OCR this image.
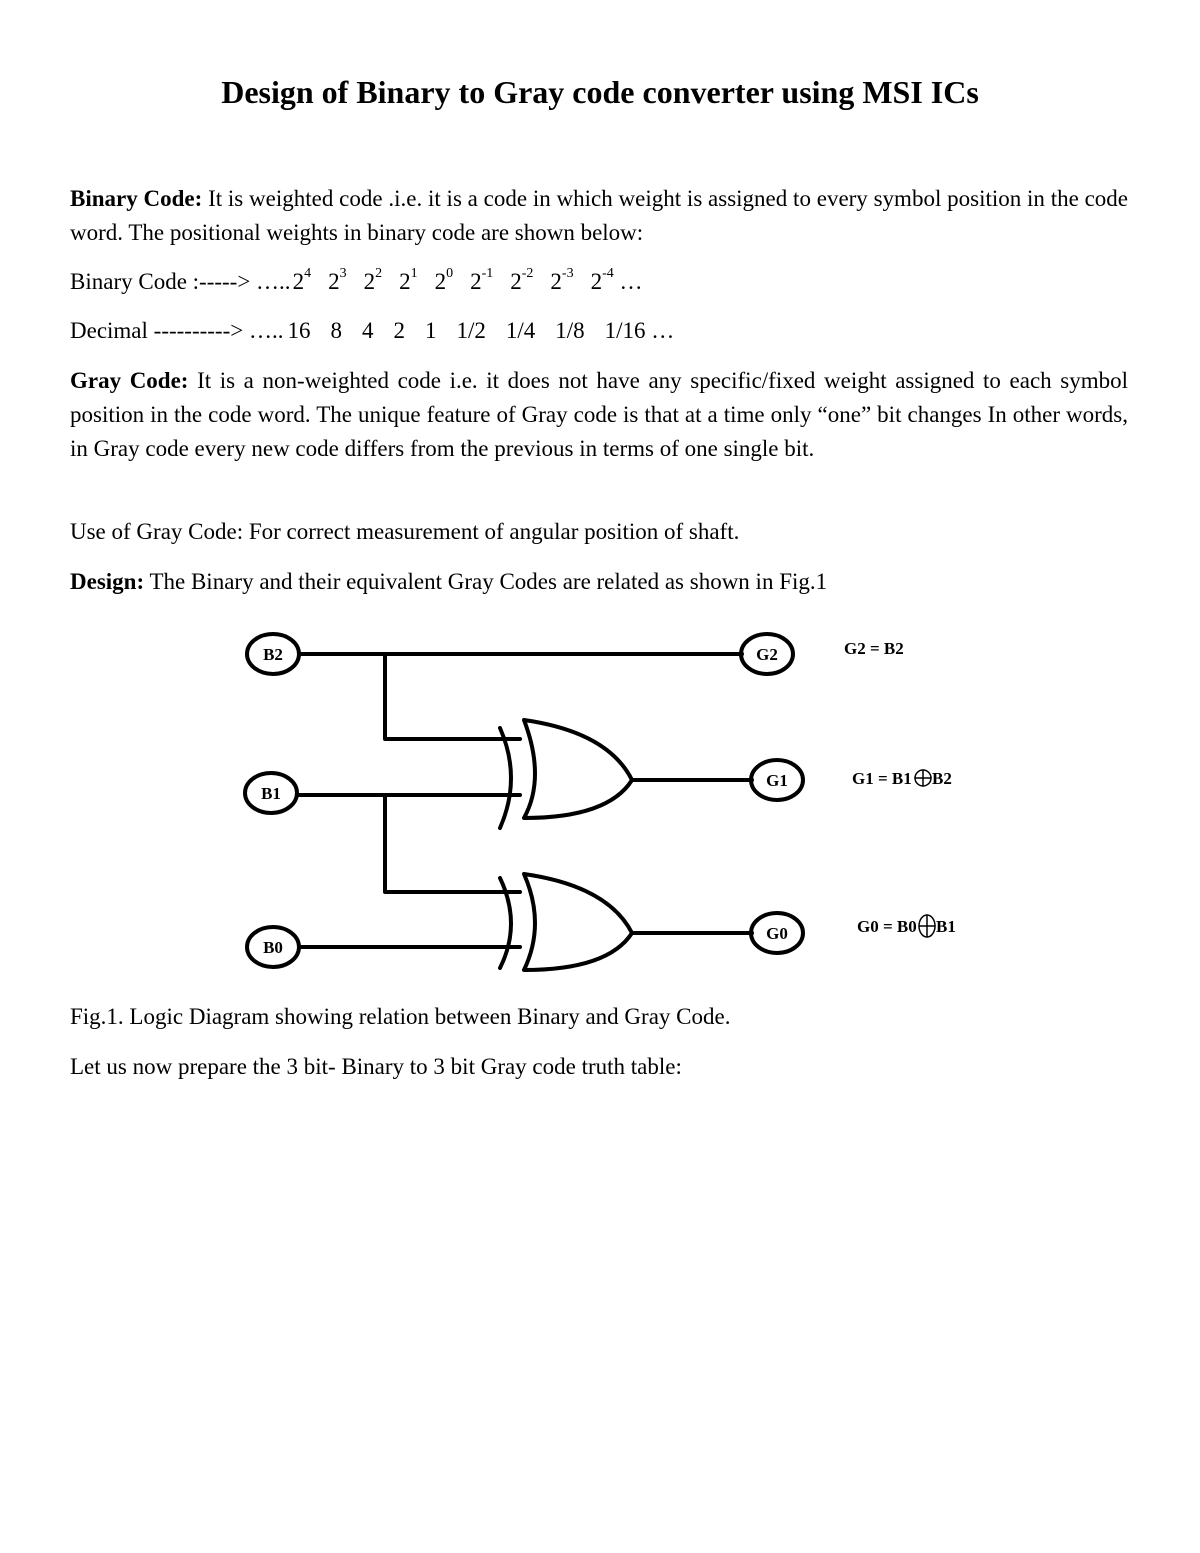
Design of Binary to Gray code converter using MSI ICs

Binary Code: It is weighted code .i.e. it is a code in which weight is assigned to every symbol position in the code word. The positional weights in binary code are shown below:

Binary Code :-----> $\dots..2^4$ $2^3$ $2^2$ $2^1$ $2^0$ $2^{-1}$ $2^{-2}$ $2^{-3}$ $2^{-4}$ …

Decimal ----------> ….. 16 8 4 2 1 1/2 1/4 1/8 1/16 …

Gray Code: It is a non-weighted code i.e. it does not have any specific/fixed weight assigned to each symbol position in the code word. The unique feature of Gray code is that at a time only “one” bit changes In other words, in Gray code every new code differs from the previous in terms of one single bit.

Use of Gray Code: For correct measurement of angular position of shaft.

Design: The Binary and their equivalent Gray Codes are related as shown in Fig.1

B2
B1
B0
G2
G1
G0
G2 = B2
G1 = B1 B2
G0 = B0 B1

Fig.1. Logic Diagram showing relation between Binary and Gray Code.

Let us now prepare the 3 bit- Binary to 3 bit Gray code truth table:
